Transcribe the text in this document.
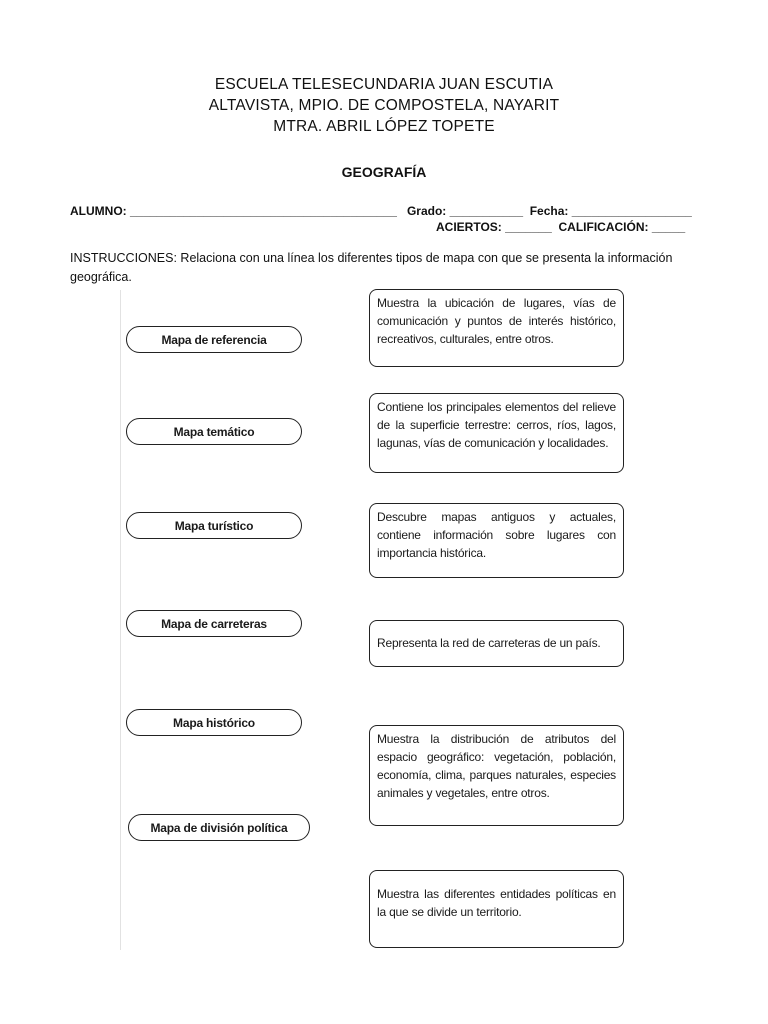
ESCUELA TELESECUNDARIA JUAN ESCUTIA
ALTAVISTA, MPIO. DE COMPOSTELA, NAYARIT
MTRA. ABRIL LÓPEZ TOPETE
GEOGRAFÍA
ALUMNO: ________________________________________   Grado: ___________  Fecha: __________________
ACIERTOS: _______  CALIFICACIÓN: _____
INSTRUCCIONES: Relaciona con una línea los diferentes tipos de mapa con que se presenta la información geográfica.
Mapa de referencia
Mapa temático
Mapa turístico
Mapa de carreteras
Mapa histórico
Mapa de división política
Muestra la ubicación de lugares, vías de comunicación y puntos de interés histórico, recreativos, culturales, entre otros.
Contiene los principales elementos del relieve de la superficie terrestre: cerros, ríos, lagos, lagunas, vías de comunicación y localidades.
Descubre mapas antiguos y actuales, contiene información sobre lugares con importancia histórica.
Representa la red de carreteras de un país.
Muestra la distribución de atributos del espacio geográfico: vegetación, población, economía, clima, parques naturales, especies animales y vegetales, entre otros.
Muestra las diferentes entidades políticas en la que se divide un territorio.
